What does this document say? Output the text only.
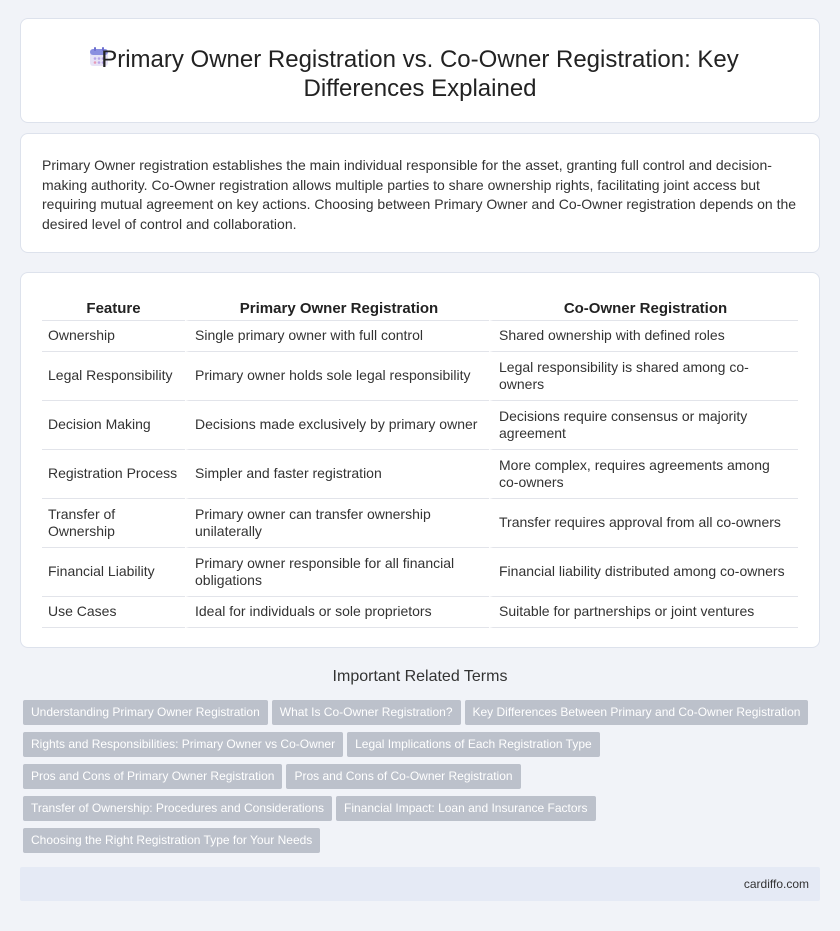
Primary Owner Registration vs. Co-Owner Registration: Key
Differences Explained

Primary Owner registration establishes the main individual responsible for the asset, granting full control and decision-making authority. Co-Owner registration allows multiple parties to share ownership rights, facilitating joint access but requiring mutual agreement on key actions. Choosing between Primary Owner and Co-Owner registration depends on the desired level of control and collaboration.

Feature	Primary Owner Registration	Co-Owner Registration
Ownership	Single primary owner with full control	Shared ownership with defined roles
Legal Responsibility	Primary owner holds sole legal responsibility	Legal responsibility is shared among co-owners
Decision Making	Decisions made exclusively by primary owner	Decisions require consensus or majority agreement
Registration Process	Simpler and faster registration	More complex, requires agreements among co-owners
Transfer of Ownership	Primary owner can transfer ownership unilaterally	Transfer requires approval from all co-owners
Financial Liability	Primary owner responsible for all financial obligations	Financial liability distributed among co-owners
Use Cases	Ideal for individuals or sole proprietors	Suitable for partnerships or joint ventures
Important Related Terms
Understanding Primary Owner Registration What Is Co-Owner Registration? Key Differences Between Primary and Co-Owner Registration
Rights and Responsibilities: Primary Owner vs Co-Owner Legal Implications of Each Registration Type
Pros and Cons of Primary Owner Registration Pros and Cons of Co-Owner Registration
Transfer of Ownership: Procedures and Considerations Financial Impact: Loan and Insurance Factors
Choosing the Right Registration Type for Your Needs
cardiffo.com
